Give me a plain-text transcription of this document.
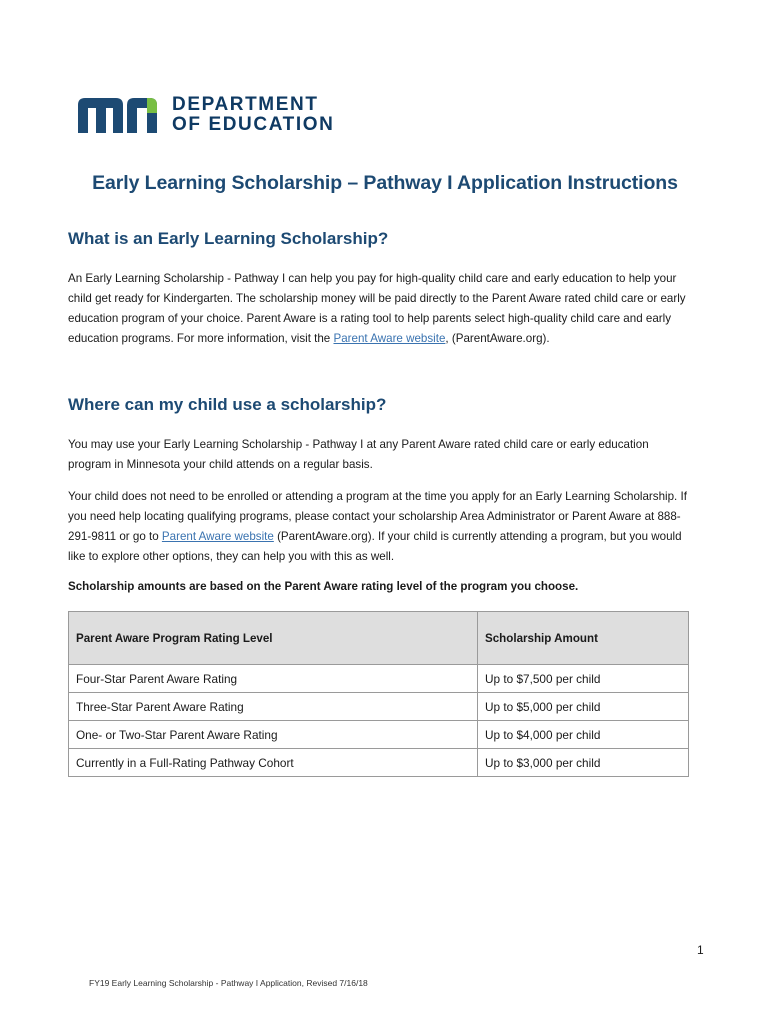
DEPARTMENT
OF EDUCATION
Early Learning Scholarship – Pathway I Application Instructions
What is an Early Learning Scholarship?

An Early Learning Scholarship - Pathway I can help you pay for high-quality child care and early education to help your child get ready for Kindergarten. The scholarship money will be paid directly to the Parent Aware rated child care or early education program of your choice. Parent Aware is a rating tool to help parents select high-quality child care and early education programs. For more information, visit the Parent Aware website, (ParentAware.org).

Where can my child use a scholarship?

You may use your Early Learning Scholarship - Pathway I at any Parent Aware rated child care or early education program in Minnesota your child attends on a regular basis.

Your child does not need to be enrolled or attending a program at the time you apply for an Early Learning Scholarship. If you need help locating qualifying programs, please contact your scholarship Area Administrator or Parent Aware at 888-291-9811 or go to Parent Aware website (ParentAware.org). If your child is currently attending a program, but you would like to explore other options, they can help you with this as well.

Scholarship amounts are based on the Parent Aware rating level of the program you choose.

Parent Aware Program Rating Level	Scholarship Amount
Four-Star Parent Aware Rating	Up to $7,500 per child
Three-Star Parent Aware Rating	Up to $5,000 per child
One- or Two-Star Parent Aware Rating	Up to $4,000 per child
Currently in a Full-Rating Pathway Cohort	Up to $3,000 per child
1
FY19 Early Learning Scholarship - Pathway I Application, Revised 7/16/18
